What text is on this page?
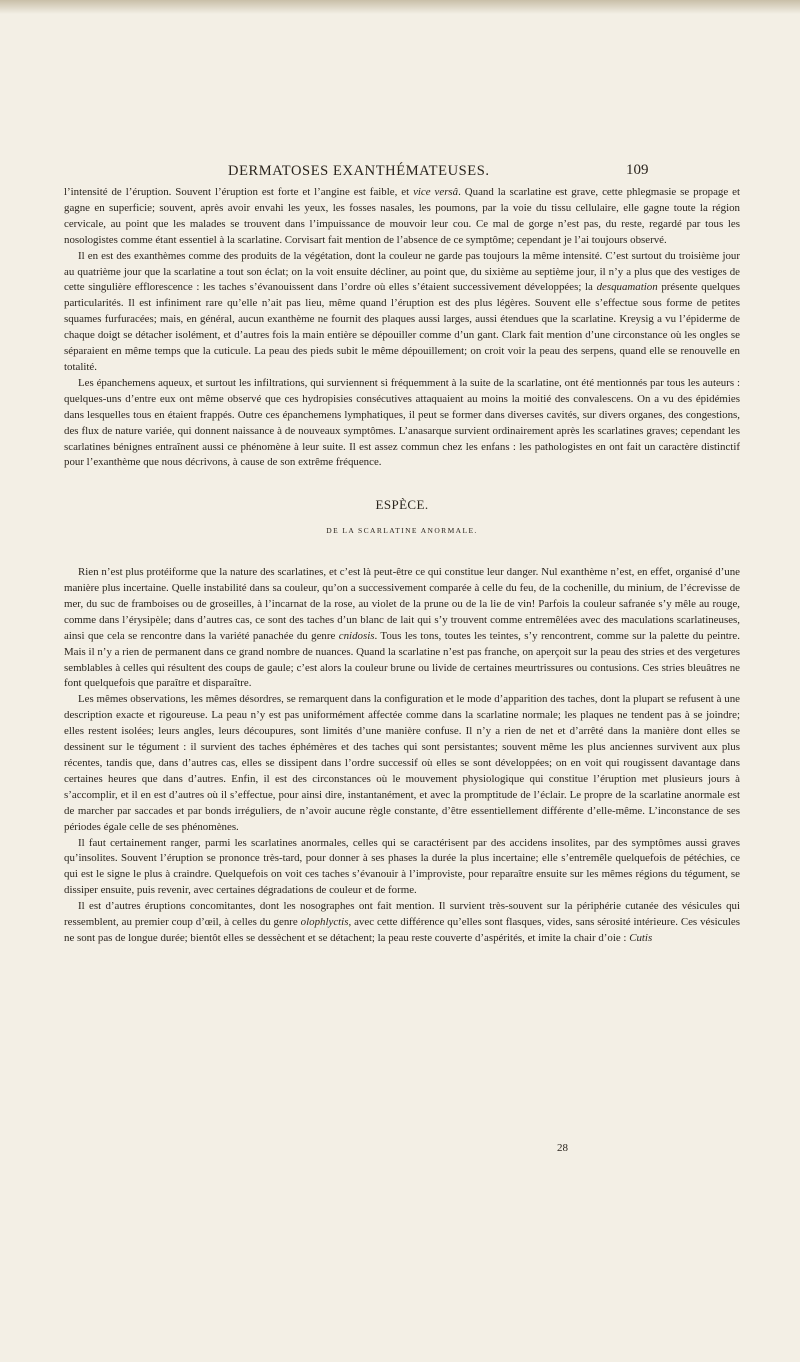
DERMATOSES EXANTHÉMATEUSES.	109

l’intensité de l’éruption. Souvent l’éruption est forte et l’angine est faible, et vice versâ. Quand la scarlatine est grave, cette phlegmasie se propage et gagne en superficie; souvent, après avoir envahi les yeux, les fosses nasales, les poumons, par la voie du tissu cellulaire, elle gagne toute la région cervicale, au point que les malades se trouvent dans l’impuissance de mouvoir leur cou. Ce mal de gorge n’est pas, du reste, regardé par tous les nosologistes comme étant essentiel à la scarlatine. Corvisart fait mention de l’absence de ce symptôme; cependant je l’ai toujours observé.

Il en est des exanthèmes comme des produits de la végétation, dont la couleur ne garde pas toujours la même intensité. C’est surtout du troisième jour au quatrième jour que la scarlatine a tout son éclat; on la voit ensuite décliner, au point que, du sixième au septième jour, il n’y a plus que des vestiges de cette singulière efflorescence : les taches s’évanouissent dans l’ordre où elles s’étaient successivement développées; la desquamation présente quelques particularités. Il est infiniment rare qu’elle n’ait pas lieu, même quand l’éruption est des plus légères. Souvent elle s’effectue sous forme de petites squames furfuracées; mais, en général, aucun exanthème ne fournit des plaques aussi larges, aussi étendues que la scarlatine. Kreysig a vu l’épiderme de chaque doigt se détacher isolément, et d’autres fois la main entière se dépouiller comme d’un gant. Clark fait mention d’une circonstance où les ongles se séparaient en même temps que la cuticule. La peau des pieds subit le même dépouillement; on croit voir la peau des serpens, quand elle se renouvelle en totalité.

Les épanchemens aqueux, et surtout les infiltrations, qui surviennent si fréquemment à la suite de la scarlatine, ont été mentionnés par tous les auteurs : quelques-uns d’entre eux ont même observé que ces hydropisies consécutives attaquaient au moins la moitié des convalescens. On a vu des épidémies dans lesquelles tous en étaient frappés. Outre ces épanchemens lymphatiques, il peut se former dans diverses cavités, sur divers organes, des congestions, des flux de nature variée, qui donnent naissance à de nouveaux symptômes. L’anasarque survient ordinairement après les scarlatines graves; cependant les scarlatines bénignes entraînent aussi ce phénomène à leur suite. Il est assez commun chez les enfans : les pathologistes en ont fait un caractère distinctif pour l’exanthème que nous décrivons, à cause de son extrême fréquence.

ESPÈCE.
DE LA SCARLATINE ANORMALE.

Rien n’est plus protéiforme que la nature des scarlatines, et c’est là peut-être ce qui constitue leur danger. Nul exanthème n’est, en effet, organisé d’une manière plus incertaine. Quelle instabilité dans sa couleur, qu’on a successivement comparée à celle du feu, de la cochenille, du minium, de l’écrevisse de mer, du suc de framboises ou de groseilles, à l’incarnat de la rose, au violet de la prune ou de la lie de vin! Parfois la couleur safranée s’y mêle au rouge, comme dans l’érysipèle; dans d’autres cas, ce sont des taches d’un blanc de lait qui s’y trouvent comme entremêlées avec des maculations scarlatineuses, ainsi que cela se rencontre dans la variété panachée du genre cnidosis. Tous les tons, toutes les teintes, s’y rencontrent, comme sur la palette du peintre. Mais il n’y a rien de permanent dans ce grand nombre de nuances. Quand la scarlatine n’est pas franche, on aperçoit sur la peau des stries et des vergetures semblables à celles qui résultent des coups de gaule; c’est alors la couleur brune ou livide de certaines meurtrissures ou contusions. Ces stries bleuâtres ne font quelquefois que paraître et disparaître.

Les mêmes observations, les mêmes désordres, se remarquent dans la configuration et le mode d’apparition des taches, dont la plupart se refusent à une description exacte et rigoureuse. La peau n’y est pas uniformément affectée comme dans la scarlatine normale; les plaques ne tendent pas à se joindre; elles restent isolées; leurs angles, leurs découpures, sont limités d’une manière confuse. Il n’y a rien de net et d’arrêté dans la manière dont elles se dessinent sur le tégument : il survient des taches éphémères et des taches qui sont persistantes; souvent même les plus anciennes survivent aux plus récentes, tandis que, dans d’autres cas, elles se dissipent dans l’ordre successif où elles se sont développées; on en voit qui rougissent davantage dans certaines heures que dans d’autres. Enfin, il est des circonstances où le mouvement physiologique qui constitue l’éruption met plusieurs jours à s’accomplir, et il en est d’autres où il s’effectue, pour ainsi dire, instantanément, et avec la promptitude de l’éclair. Le propre de la scarlatine anormale est de marcher par saccades et par bonds irréguliers, de n’avoir aucune règle constante, d’être essentiellement différente d’elle-même. L’inconstance de ses périodes égale celle de ses phénomènes.

Il faut certainement ranger, parmi les scarlatines anormales, celles qui se caractérisent par des accidens insolites, par des symptômes aussi graves qu’insolites. Souvent l’éruption se prononce très-tard, pour donner à ses phases la durée la plus incertaine; elle s’entremêle quelquefois de pétéchies, ce qui est le signe le plus à craindre. Quelquefois on voit ces taches s’évanouir à l’improviste, pour reparaître ensuite sur les mêmes régions du tégument, se dissiper ensuite, puis revenir, avec certaines dégradations de couleur et de forme.

Il est d’autres éruptions concomitantes, dont les nosographes ont fait mention. Il survient très-souvent sur la périphérie cutanée des vésicules qui ressemblent, au premier coup d’œil, à celles du genre olophlyctis, avec cette différence qu’elles sont flasques, vides, sans sérosité intérieure. Ces vésicules ne sont pas de longue durée; bientôt elles se dessèchent et se détachent; la peau reste couverte d’aspérités, et imite la chair d’oie : Cutis

28
